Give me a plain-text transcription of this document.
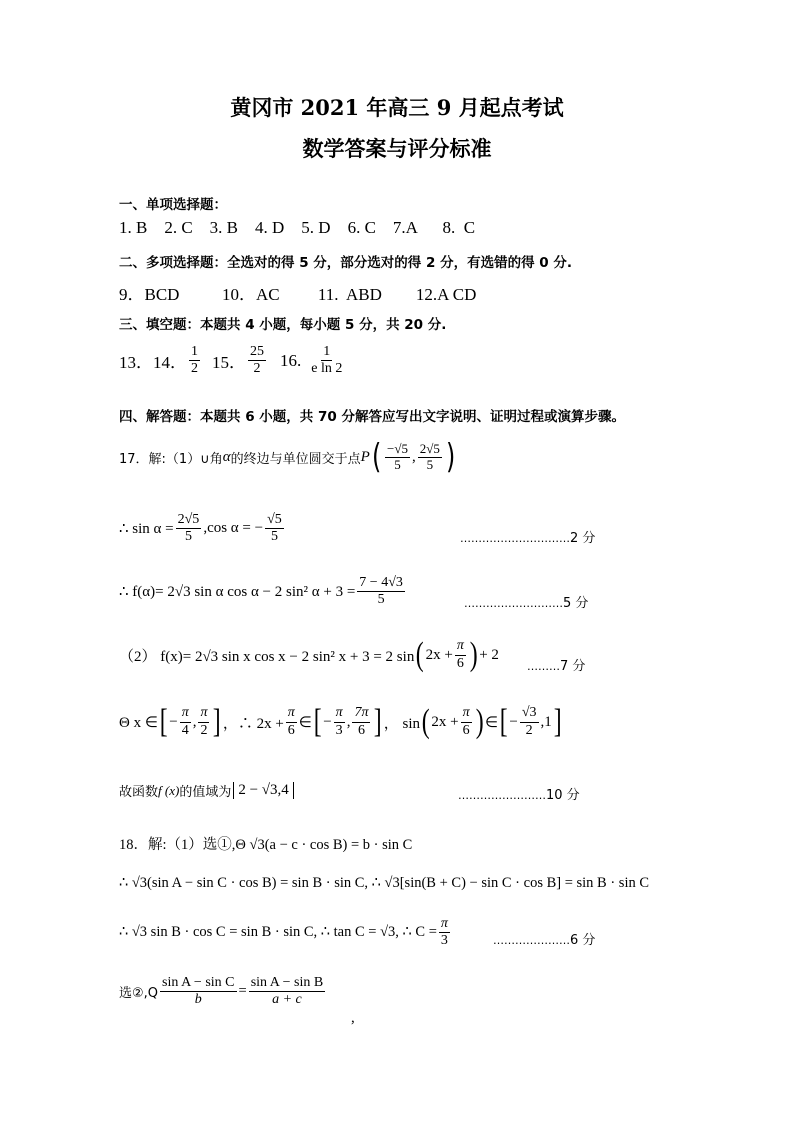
黄冈市 2021 年高三 9 月起点考试
数学答案与评分标准
一、单项选择题：
1. B    2. C    3. B    4. D    5. D    6. C    7.A      8.  C
二、多项选择题：全选对的得 5 分，部分选对的得 2 分，有选错的得 0 分.
9．BCD          10．AC         11.  ABD        12.A CD
三、填空题：本题共 4 小题，每小题 5 分，共 20 分.
13．14． $\frac{1}{2} 15$． $\frac{25}{2} 16$. $\frac{1}{\text{e ln 2}}$
四、解答题：本题共 6 小题，共 70 分解答应写出文字说明、证明过程或演算步骤。
17．解:（1）∪角 α 的终边与单位圆交于点 P ( $\frac{-√5}{5}$ , $\frac{2√5}{5}$ )
∴ $\sin \alpha = \frac{2√5}{5} ,\cos$ α = − $\frac{√5}{5}$	…………………………2 分
∴ f(α)= 2√3 sin α cos α − 2 sin² $\alpha + 3 = \frac{7 - 4√3}{5}$	………………………5 分
（2） f(x)= 2√3 sin x cos x − 2 sin² x + 3 = 2 sin ( $2x + \frac{\pi}{6}$ ) + 2
………7 分
Θ x ∈ [ − $\frac{\pi}{4}$ , $\frac{\pi}{2}$ ] ，∴ $2x + \frac{\pi}{6}$ ∈ [ − $\frac{\pi}{3}$ , $\frac{7\pi}{6}$ ] ， sin ( $2x + \frac{\pi}{6}$ ) ∈ [ − $\frac{√3}{2} ,1$ ]
故函数 f (x) 的值域为 2 − √3,4	……………………10 分
18．解:（1）选①,Θ √3(a − c · cos B) = b · sin C
∴ √3(sin A − sin C · cos B) = sin B · sin C, ∴ √3[sin(B + C) − sin C · cos B] = sin B · sin C
∴ √3 sin B · cos C = sin B · sin C, ∴ tan C = √3, ∴ $C = \frac{\pi}{3}$	…………………6 分
选②,Q $\frac{\text{sin A − sin C}}{b} = \frac{\text{sin A − sin B}}{a + c}$
,
